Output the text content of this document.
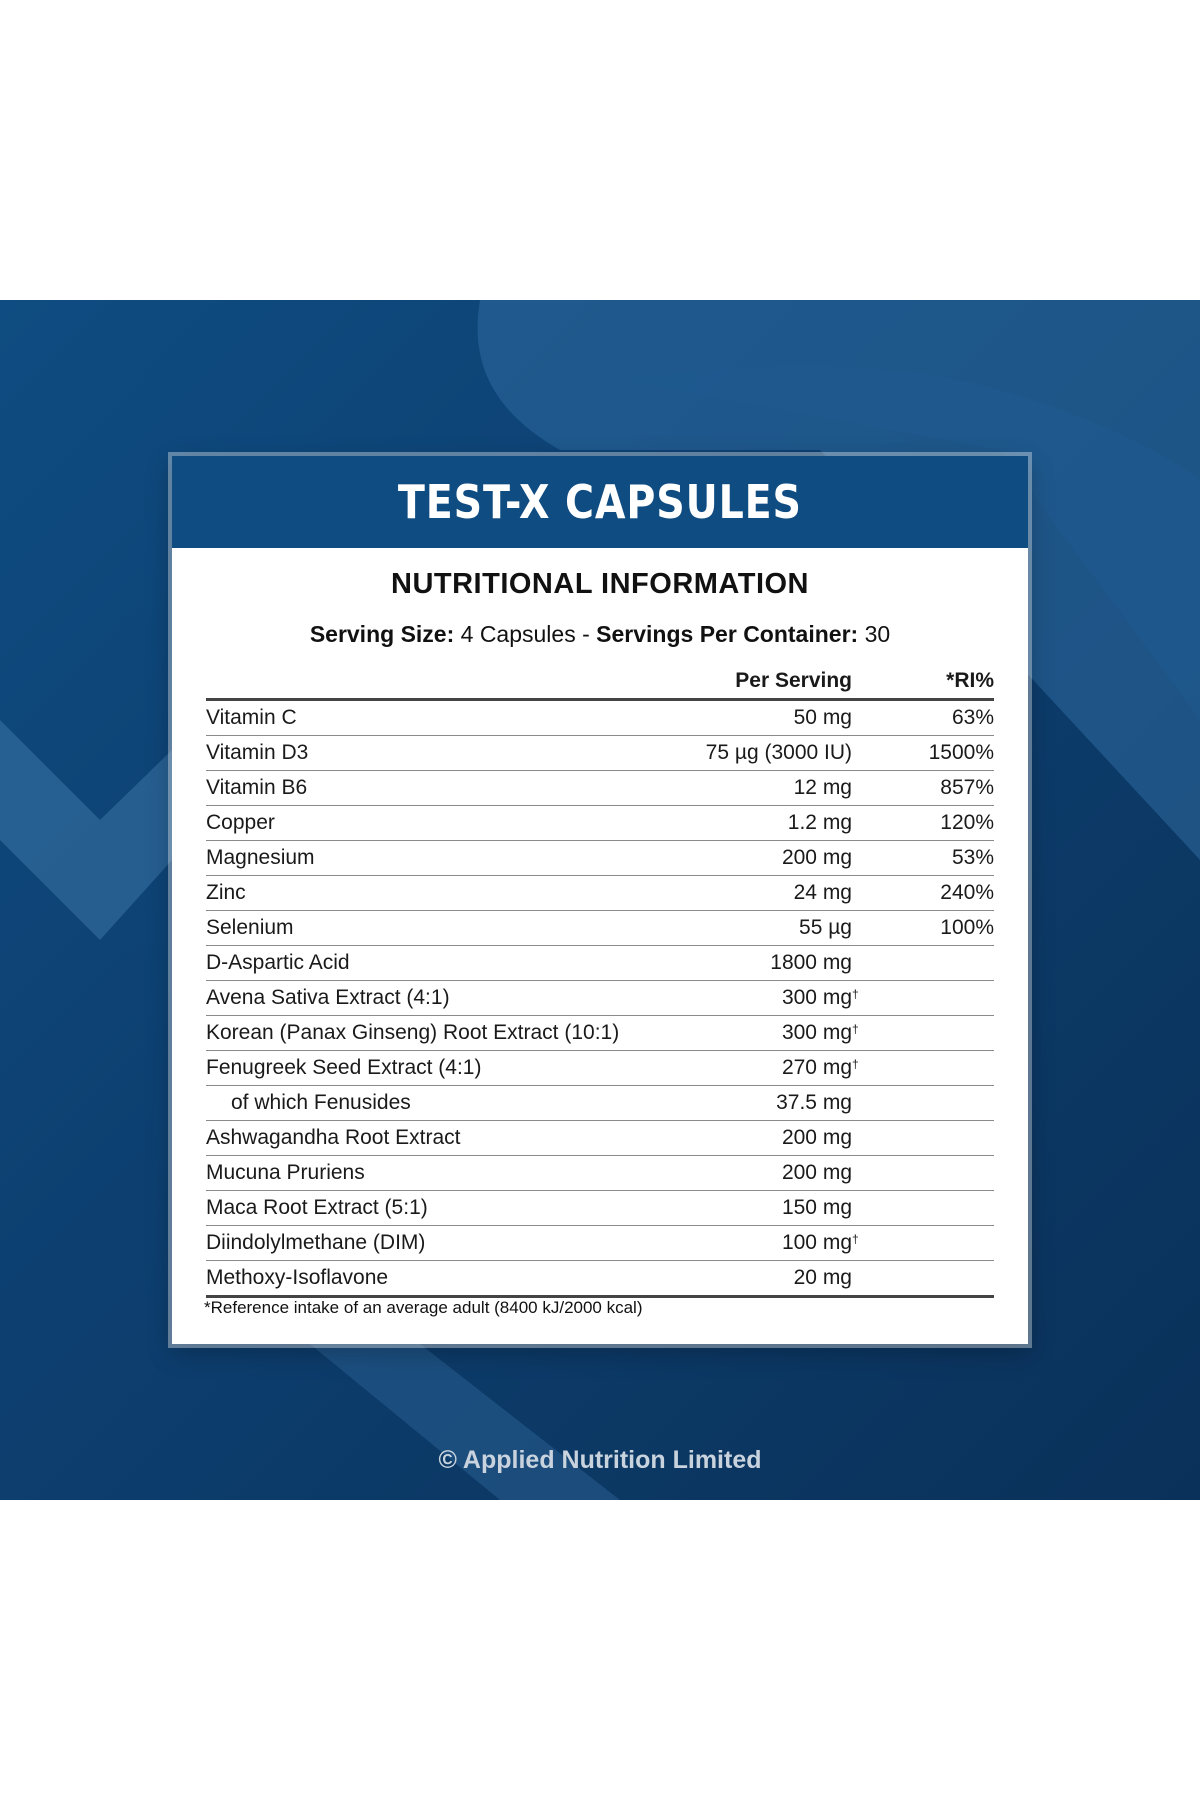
TEST-X CAPSULES
NUTRITIONAL INFORMATION
Serving Size: 4 Capsules - Servings Per Container: 30
	Per Serving	*RI%
Vitamin C	50 mg	63%
Vitamin D3	75 µg (3000 IU)	1500%
Vitamin B6	12 mg	857%
Copper	1.2 mg	120%
Magnesium	200 mg	53%
Zinc	24 mg	240%
Selenium	55 µg	100%
D-Aspartic Acid	1800 mg	
Avena Sativa Extract (4:1)	300 mg†	
Korean (Panax Ginseng) Root Extract (10:1)	300 mg†	
Fenugreek Seed Extract (4:1)	270 mg†	
of which Fenusides	37.5 mg	
Ashwagandha Root Extract	200 mg	
Mucuna Pruriens	200 mg	
Maca Root Extract (5:1)	150 mg	
Diindolylmethane (DIM)	100 mg†	
Methoxy-Isoflavone	20 mg	
*Reference intake of an average adult (8400 kJ/2000 kcal)
© Applied Nutrition Limited
